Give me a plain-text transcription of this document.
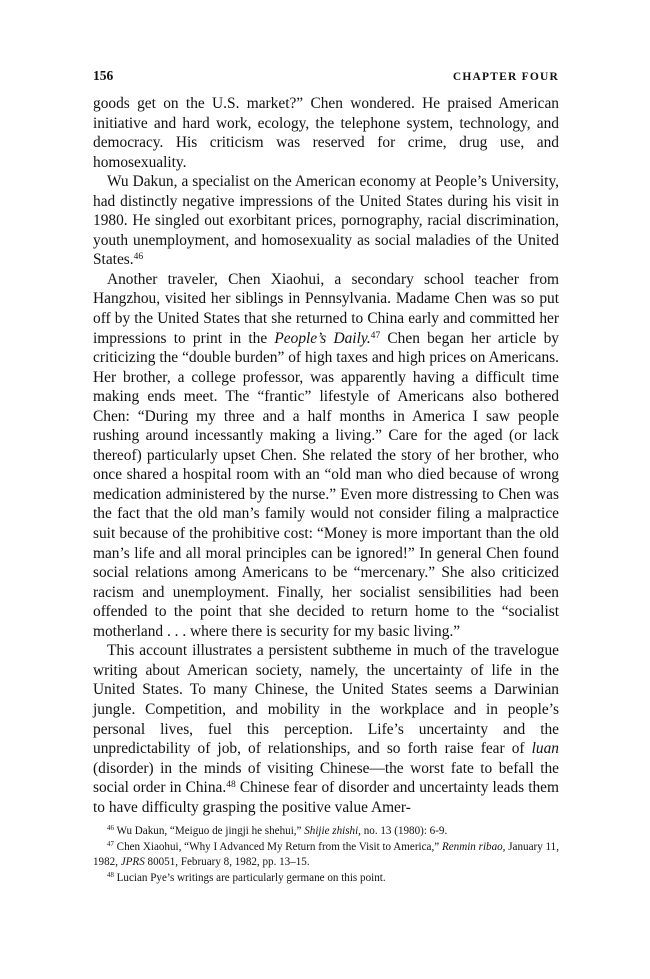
156	CHAPTER FOUR

goods get on the U.S. market?” Chen wondered. He praised American initiative and hard work, ecology, the telephone system, technology, and democracy. His criticism was reserved for crime, drug use, and homosexuality.

Wu Dakun, a specialist on the American economy at People’s University, had distinctly negative impressions of the United States during his visit in 1980. He singled out exorbitant prices, pornography, racial discrimination, youth unemployment, and homosexuality as social maladies of the United States.$^{46}$

Another traveler, Chen Xiaohui, a secondary school teacher from Hangzhou, visited her siblings in Pennsylvania. Madame Chen was so put off by the United States that she returned to China early and committed her impressions to print in the People’s Daily.$^{47}$ Chen began her article by criticizing the “double burden” of high taxes and high prices on Americans. Her brother, a college professor, was apparently having a difficult time making ends meet. The “frantic” lifestyle of Americans also bothered Chen: “During my three and a half months in America I saw people rushing around incessantly making a living.” Care for the aged (or lack thereof) particularly upset Chen. She related the story of her brother, who once shared a hospital room with an “old man who died because of wrong medication administered by the nurse.” Even more distressing to Chen was the fact that the old man’s family would not consider filing a malpractice suit because of the prohibitive cost: “Money is more important than the old man’s life and all moral principles can be ignored!” In general Chen found social relations among Americans to be “mercenary.” She also criticized racism and unemployment. Finally, her socialist sensibilities had been offended to the point that she decided to return home to the “socialist motherland . . . where there is security for my basic living.”

This account illustrates a persistent subtheme in much of the travelogue writing about American society, namely, the uncertainty of life in the United States. To many Chinese, the United States seems a Darwinian jungle. Competition, and mobility in the workplace and in people’s personal lives, fuel this perception. Life’s uncertainty and the unpredictability of job, of relationships, and so forth raise fear of luan (disorder) in the minds of visiting Chinese—the worst fate to befall the social order in China.$^{48}$ Chinese fear of disorder and uncertainty leads them to have difficulty grasping the positive value Amer-

$^{46}$ Wu Dakun, “Meiguo de jingji he shehui,” Shijie zhishi, no. 13 (1980): 6-9.

$^{47}$ Chen Xiaohui, “Why I Advanced My Return from the Visit to America,” Renmin ribao, January 11, 1982, JPRS 80051, February 8, 1982, pp. 13–15.

$^{48}$ Lucian Pye’s writings are particularly germane on this point.
